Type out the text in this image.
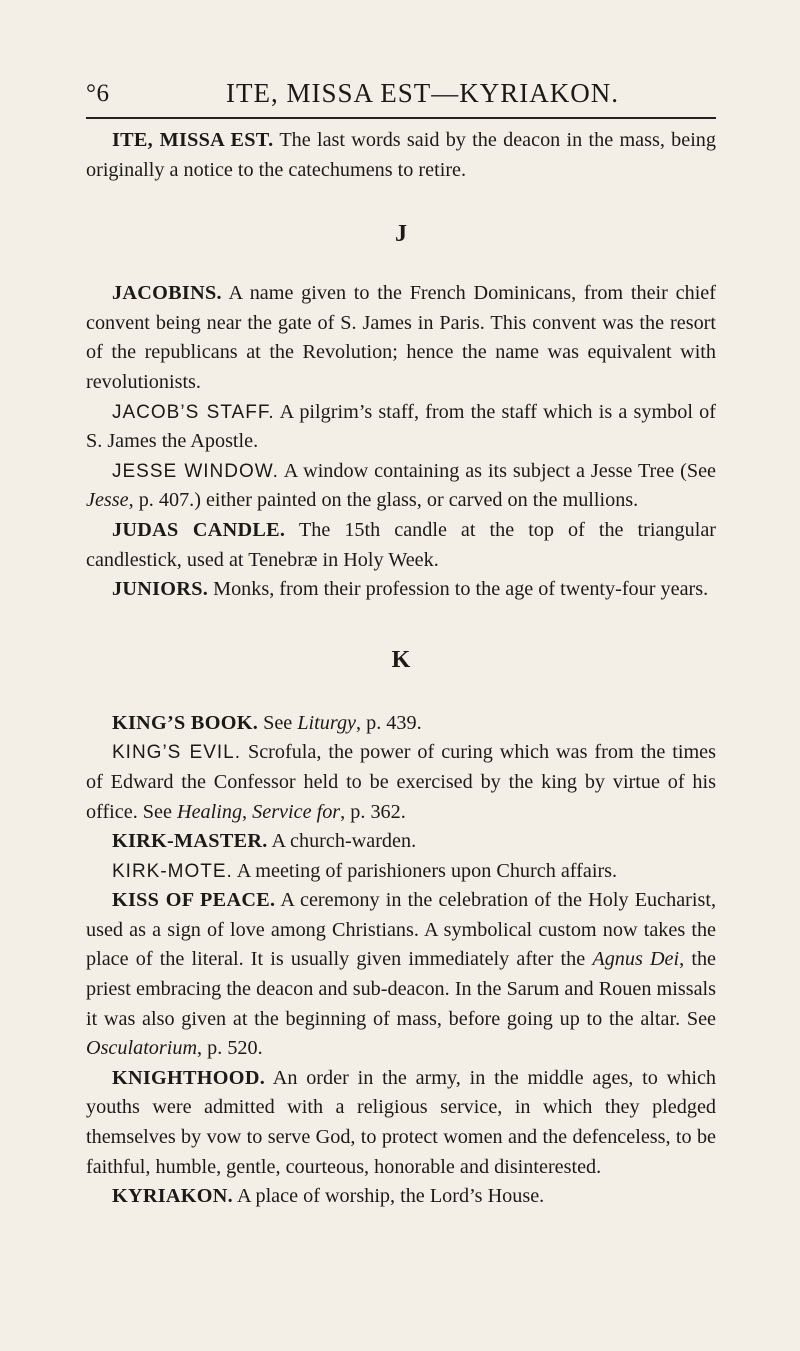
°6	ITE, MISSA EST—KYRIAKON.

ITE, MISSA EST. The last words said by the deacon in the mass, being originally a notice to the catechumens to retire.

J

JACOBINS. A name given to the French Dominicans, from their chief convent being near the gate of S. James in Paris. This convent was the resort of the republicans at the Revolution; hence the name was equivalent with revolutionists.

JACOB’S STAFF. A pilgrim’s staff, from the staff which is a symbol of S. James the Apostle.

JESSE WINDOW. A window containing as its subject a Jesse Tree (See Jesse, p. 407.) either painted on the glass, or carved on the mullions.

JUDAS CANDLE. The 15th candle at the top of the triangular candlestick, used at Tenebræ in Holy Week.

JUNIORS. Monks, from their profession to the age of twenty-four years.

K

KING’S BOOK. See Liturgy, p. 439.

KING’S EVIL. Scrofula, the power of curing which was from the times of Edward the Confessor held to be exercised by the king by virtue of his office. See Healing, Service for, p. 362.

KIRK-MASTER. A church-warden.

KIRK-MOTE. A meeting of parishioners upon Church affairs.

KISS OF PEACE. A ceremony in the celebration of the Holy Eucharist, used as a sign of love among Christians. A symbolical custom now takes the place of the literal. It is usually given immediately after the Agnus Dei, the priest embracing the deacon and sub-deacon. In the Sarum and Rouen missals it was also given at the beginning of mass, before going up to the altar. See Osculatorium, p. 520.

KNIGHTHOOD. An order in the army, in the middle ages, to which youths were admitted with a religious service, in which they pledged themselves by vow to serve God, to protect women and the defenceless, to be faithful, humble, gentle, courteous, honorable and disinterested.

KYRIAKON. A place of worship, the Lord’s House.
